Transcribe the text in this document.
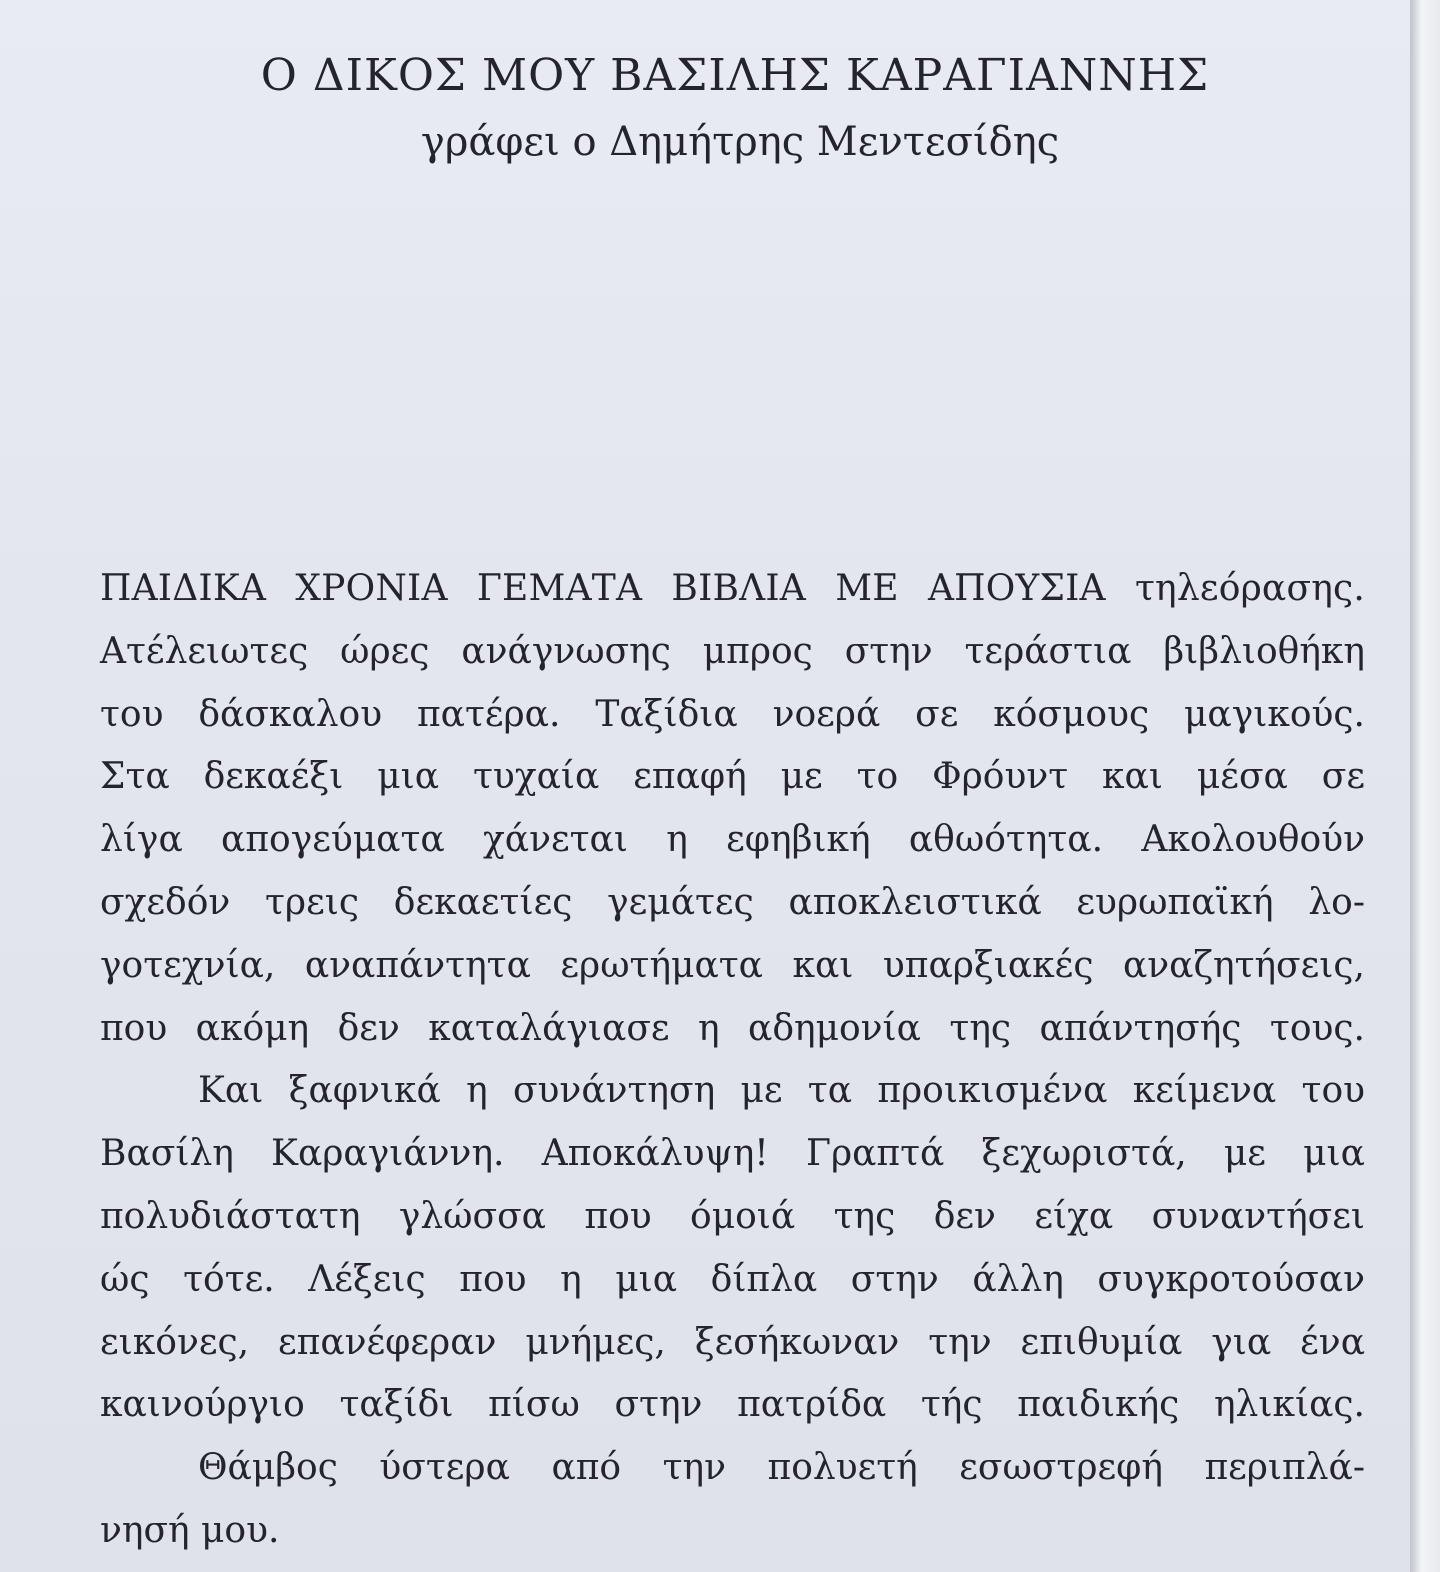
Ο ΔΙΚΟΣ ΜΟΥ ΒΑΣΙΛΗΣ ΚΑΡΑΓΙΑΝΝΗΣ

γράφει ο Δημήτρης Μεντεσίδης

ΠΑΙΔΙΚΑ ΧΡΟΝΙΑ ΓΕΜΑΤΑ ΒΙΒΛΙΑ ΜΕ ΑΠΟΥΣΙΑ τηλεόρασης.
Ατέλειωτες ώρες ανάγνωσης μπρος στην τεράστια βιβλιοθήκη
του δάσκαλου πατέρα. Ταξίδια νοερά σε κόσμους μαγικούς.
Στα δεκαέξι μια τυχαία επαφή με το Φρόυντ και μέσα σε
λίγα απογεύματα χάνεται η εφηβική αθωότητα. Ακολουθούν
σχεδόν τρεις δεκαετίες γεμάτες αποκλειστικά ευρωπαϊκή λο-
γοτεχνία, αναπάντητα ερωτήματα και υπαρξιακές αναζητήσεις,
που ακόμη δεν καταλάγιασε η αδημονία της απάντησής τους.
Και ξαφνικά η συνάντηση με τα προικισμένα κείμενα του
Βασίλη Καραγιάννη. Αποκάλυψη! Γραπτά ξεχωριστά, με μια
πολυδιάστατη γλώσσα που όμοιά της δεν είχα συναντήσει
ώς τότε. Λέξεις που η μια δίπλα στην άλλη συγκροτούσαν
εικόνες, επανέφεραν μνήμες, ξεσήκωναν την επιθυμία για ένα
καινούργιο ταξίδι πίσω στην πατρίδα τής παιδικής ηλικίας.
Θάμβος ύστερα από την πολυετή εσωστρεφή περιπλά-
νησή μου.
